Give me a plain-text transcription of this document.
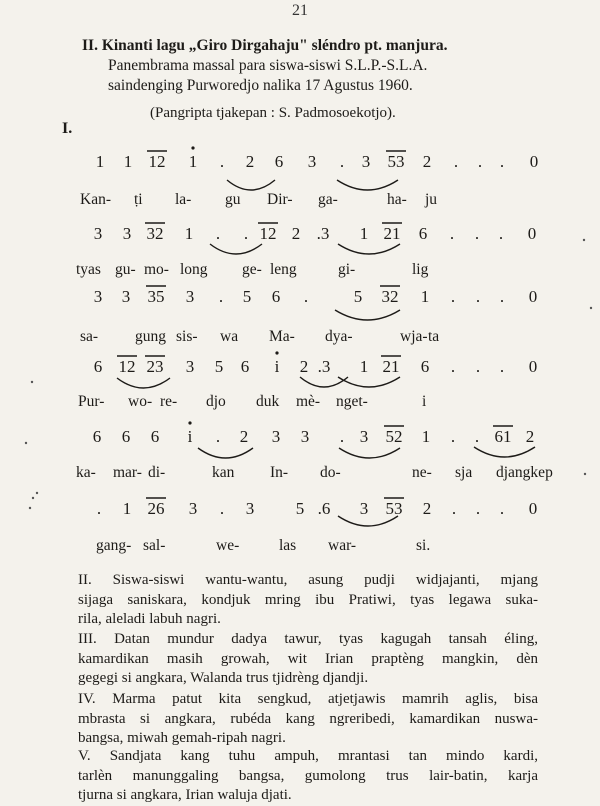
21
II. Kinanti lagu „Giro Dirgahaju" sléndro pt. manjura.
Panembrama massal para siswa-siswi S.L.P.-S.L.A.
saindenging Purworedjo nalika 17 Agustus 1960.
(Pangripta tjakepan : S. Padmosoekotjo).
I.
1	1 12	1	.	2	6	3	.	3	53	2	.	.	.	0
Kan- ṭi la- gu Dir- ga-	ha- ju
3	3 32	1	.	. 12 2 .3	1 21	6	.	.	.	0
tyas gu- mo- long ge- leng	gi-	lig
3	3	35	3	.	5	6	.	5	32	1	.	.	.	0
sa- gung sis- wa Ma- dya-	wja- ta
6 12 23	3	5	6	i	2 .3	1 21	6	.	.	.	0
Pur- wo- re- djo duk mè- nget-	i
6	6	6	i	.	2	3	3	. 3	52	1	.	. 61 2
ka- mar- di-	kan In- do-	ne- sja djangkep
.	1 26	3	.	3	5 .6	3	53	2	.	.	.	0
gang- sal-	we-	las war-	si.
II. Siswa-siswi wantu-wantu, asung pudji widjajanti, mjang
sijaga saniskara, kondjuk mring ibu Pratiwi, tyas legawa suka-
rila, aleladi labuh nagri.
III. Datan mundur dadya tawur, tyas kagugah tansah éling,
kamardikan masih growah, wit Irian praptèng mangkin, dèn
gegegi si angkara, Walanda trus tjidrèng djandji.
IV. Marma patut kita sengkud, atjetjawis mamrih aglis, bisa
mbrasta si angkara, rubéda kang ngreribedi, kamardikan nuswa-
bangsa, miwah gemah-ripah nagri.
V. Sandjata kang tuhu ampuh, mrantasi tan mindo kardi,
tarlèn manunggaling bangsa, gumolong trus lair-batin, karja
tjurna si angkara, Irian waluja djati.
